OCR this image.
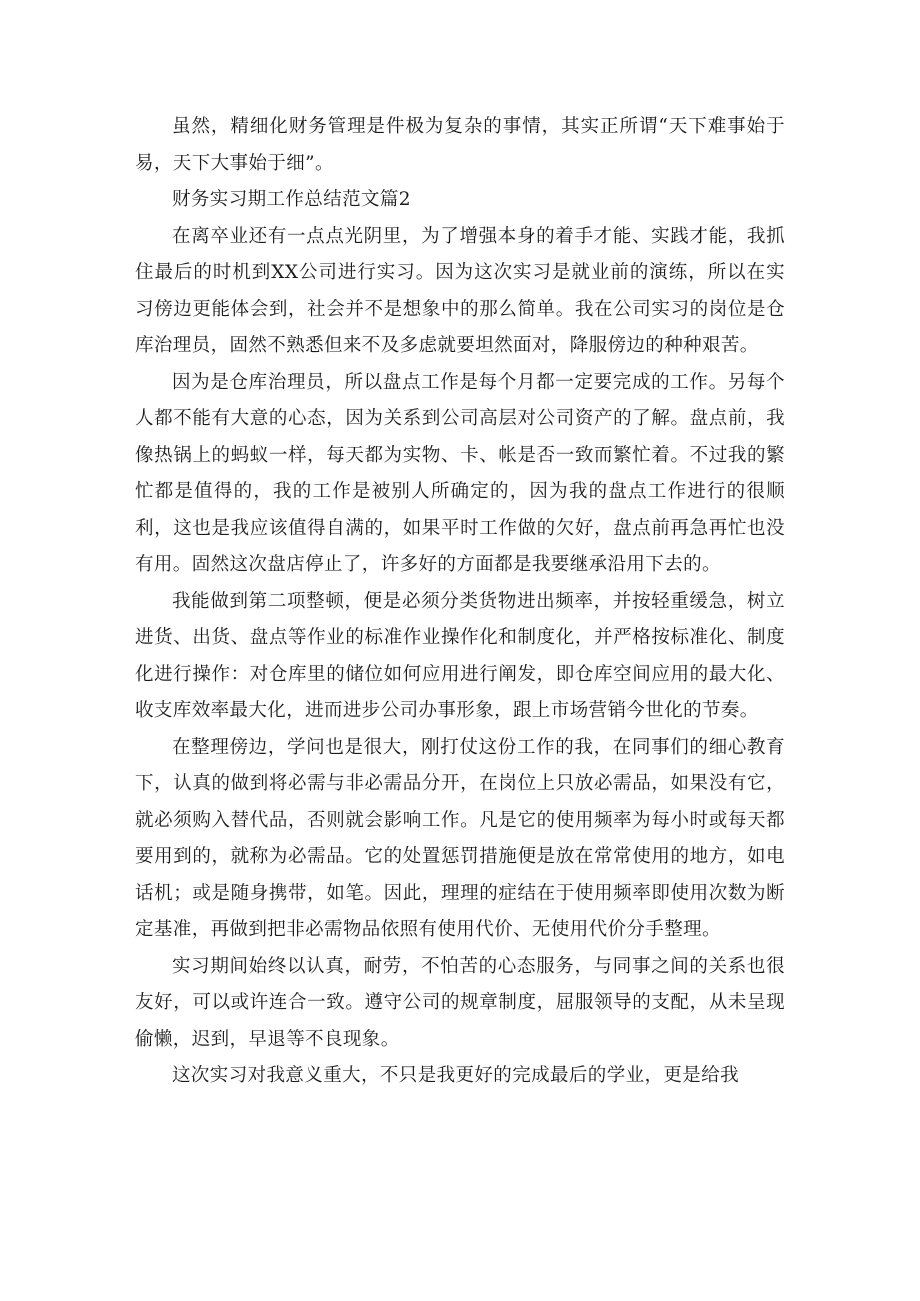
虽然，精细化财务管理是件极为复杂的事情，其实正所谓“天下难事始于易，天下大事始于细”。

财务实习期工作总结范文篇2

在离卒业还有一点点光阴里，为了增强本身的着手才能、实践才能，我抓住最后的时机到XX公司进行实习。因为这次实习是就业前的演练，所以在实习傍边更能体会到，社会并不是想象中的那么简单。我在公司实习的岗位是仓库治理员，固然不熟悉但来不及多虑就要坦然面对，降服傍边的种种艰苦。

因为是仓库治理员，所以盘点工作是每个月都一定要完成的工作。另每个人都不能有大意的心态，因为关系到公司高层对公司资产的了解。盘点前，我像热锅上的蚂蚁一样，每天都为实物、卡、帐是否一致而繁忙着。不过我的繁忙都是值得的，我的工作是被别人所确定的，因为我的盘点工作进行的很顺利，这也是我应该值得自满的，如果平时工作做的欠好，盘点前再急再忙也没有用。固然这次盘店停止了，许多好的方面都是我要继承沿用下去的。

我能做到第二项整顿，便是必须分类货物进出频率，并按轻重缓急，树立进货、出货、盘点等作业的标准作业操作化和制度化，并严格按标准化、制度化进行操作：对仓库里的储位如何应用进行阐发，即仓库空间应用的最大化、收支库效率最大化，进而进步公司办事形象，跟上市场营销今世化的节奏。

在整理傍边，学问也是很大，刚打仗这份工作的我，在同事们的细心教育下，认真的做到将必需与非必需品分开，在岗位上只放必需品，如果没有它，就必须购入替代品，否则就会影响工作。凡是它的使用频率为每小时或每天都要用到的，就称为必需品。它的处置惩罚措施便是放在常常使用的地方，如电话机；或是随身携带，如笔。因此，理理的症结在于使用频率即使用次数为断定基准，再做到把非必需物品依照有使用代价、无使用代价分手整理。

实习期间始终以认真，耐劳，不怕苦的心态服务，与同事之间的关系也很友好，可以或许连合一致。遵守公司的规章制度，屈服领导的支配，从未呈现偷懒，迟到，早退等不良现象。

这次实习对我意义重大，不只是我更好的完成最后的学业，更是给我
